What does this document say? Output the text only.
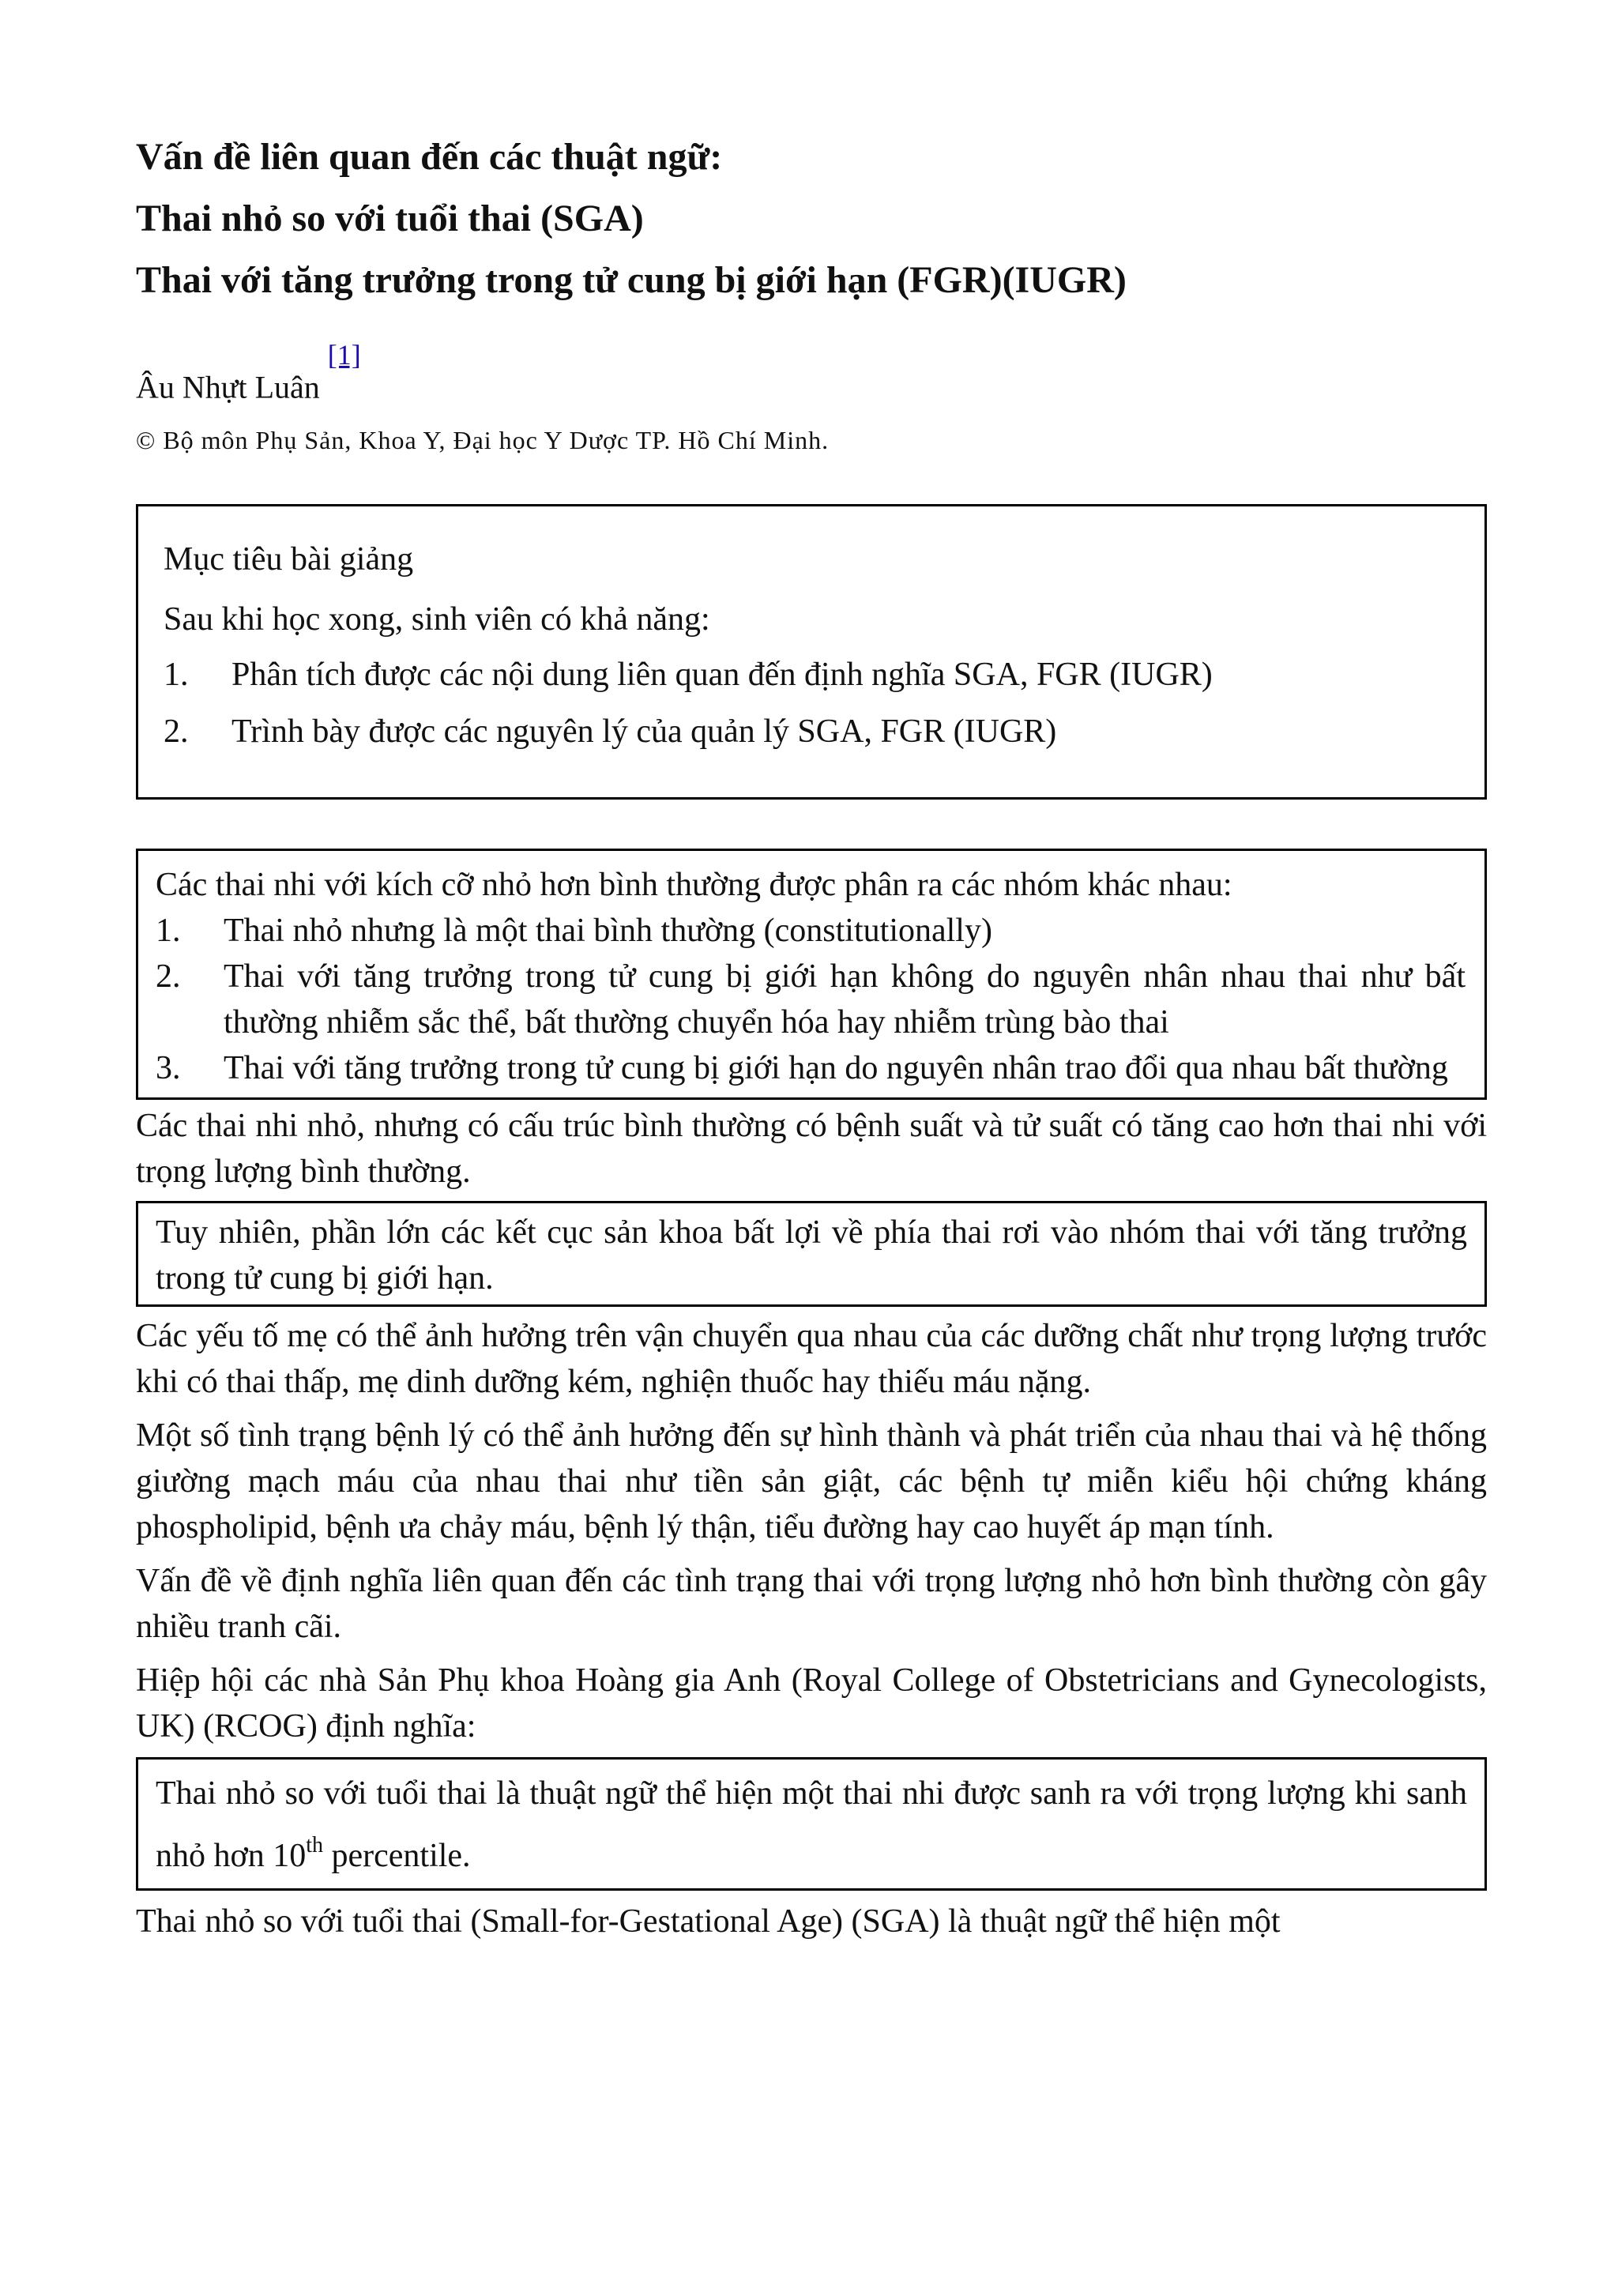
Vấn đề liên quan đến các thuật ngữ:
Thai nhỏ so với tuổi thai (SGA)
Thai với tăng trưởng trong tử cung bị giới hạn (FGR)(IUGR)
Âu Nhựt Luân [1]
© Bộ môn Phụ Sản, Khoa Y, Đại học Y Dược TP. Hồ Chí Minh.
Mục tiêu bài giảng
Sau khi học xong, sinh viên có khả năng:
1.	Phân tích được các nội dung liên quan đến định nghĩa SGA, FGR (IUGR)
2.	Trình bày được các nguyên lý của quản lý SGA, FGR (IUGR)
Các thai nhi với kích cỡ nhỏ hơn bình thường được phân ra các nhóm khác nhau:
1.	Thai nhỏ nhưng là một thai bình thường (constitutionally)
2.	Thai với tăng trưởng trong tử cung bị giới hạn không do nguyên nhân nhau thai như bất thường nhiễm sắc thể, bất thường chuyển hóa hay nhiễm trùng bào thai
3.	Thai với tăng trưởng trong tử cung bị giới hạn do nguyên nhân trao đổi qua nhau bất thường
Các thai nhi nhỏ, nhưng có cấu trúc bình thường có bệnh suất và tử suất có tăng cao hơn thai nhi với trọng lượng bình thường.
Tuy nhiên, phần lớn các kết cục sản khoa bất lợi về phía thai rơi vào nhóm thai với tăng trưởng trong tử cung bị giới hạn.
Các yếu tố mẹ có thể ảnh hưởng trên vận chuyển qua nhau của các dưỡng chất như trọng lượng trước khi có thai thấp, mẹ dinh dưỡng kém, nghiện thuốc hay thiếu máu nặng.
Một số tình trạng bệnh lý có thể ảnh hưởng đến sự hình thành và phát triển của nhau thai và hệ thống giường mạch máu của nhau thai như tiền sản giật, các bệnh tự miễn kiểu hội chứng kháng phospholipid, bệnh ưa chảy máu, bệnh lý thận, tiểu đường hay cao huyết áp mạn tính.
Vấn đề về định nghĩa liên quan đến các tình trạng thai với trọng lượng nhỏ hơn bình thường còn gây nhiều tranh cãi.
Hiệp hội các nhà Sản Phụ khoa Hoàng gia Anh (Royal College of Obstetricians and Gynecologists, UK) (RCOG) định nghĩa:
Thai nhỏ so với tuổi thai là thuật ngữ thể hiện một thai nhi được sanh ra với trọng lượng khi sanh nhỏ hơn 10th percentile.
Thai nhỏ so với tuổi thai (Small-for-Gestational Age) (SGA) là thuật ngữ thể hiện một
